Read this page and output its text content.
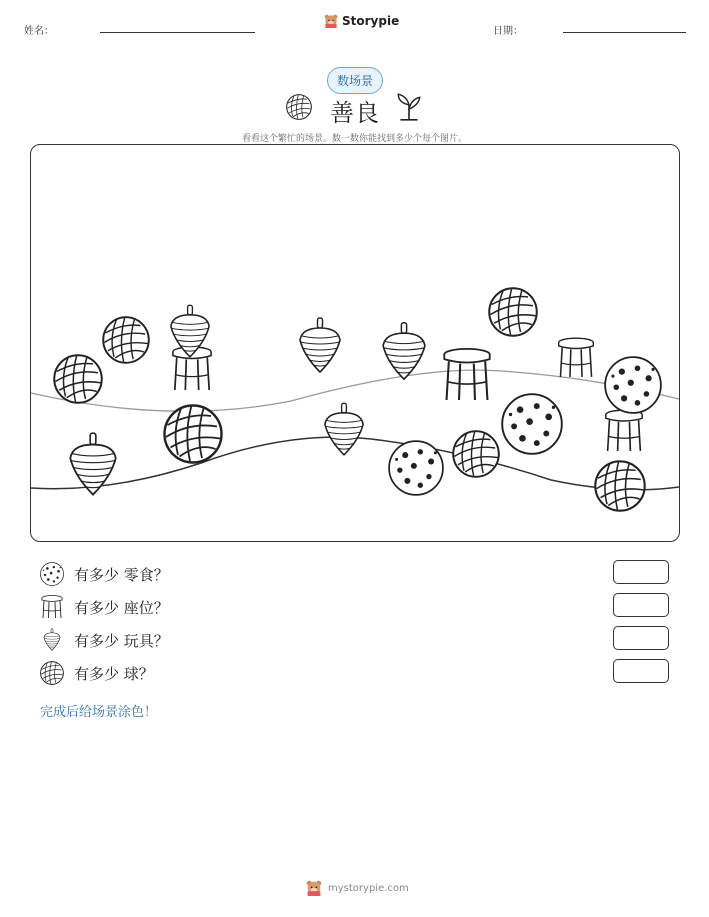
姓名：
Storypie
日期：
数场景
善良
看看这个繁忙的场景。数一数你能找到多少个每个图片。
有多少 零食？
有多少 座位？
有多少 玩具？
有多少 球？
完成后给场景涂色！
mystorypie.com
